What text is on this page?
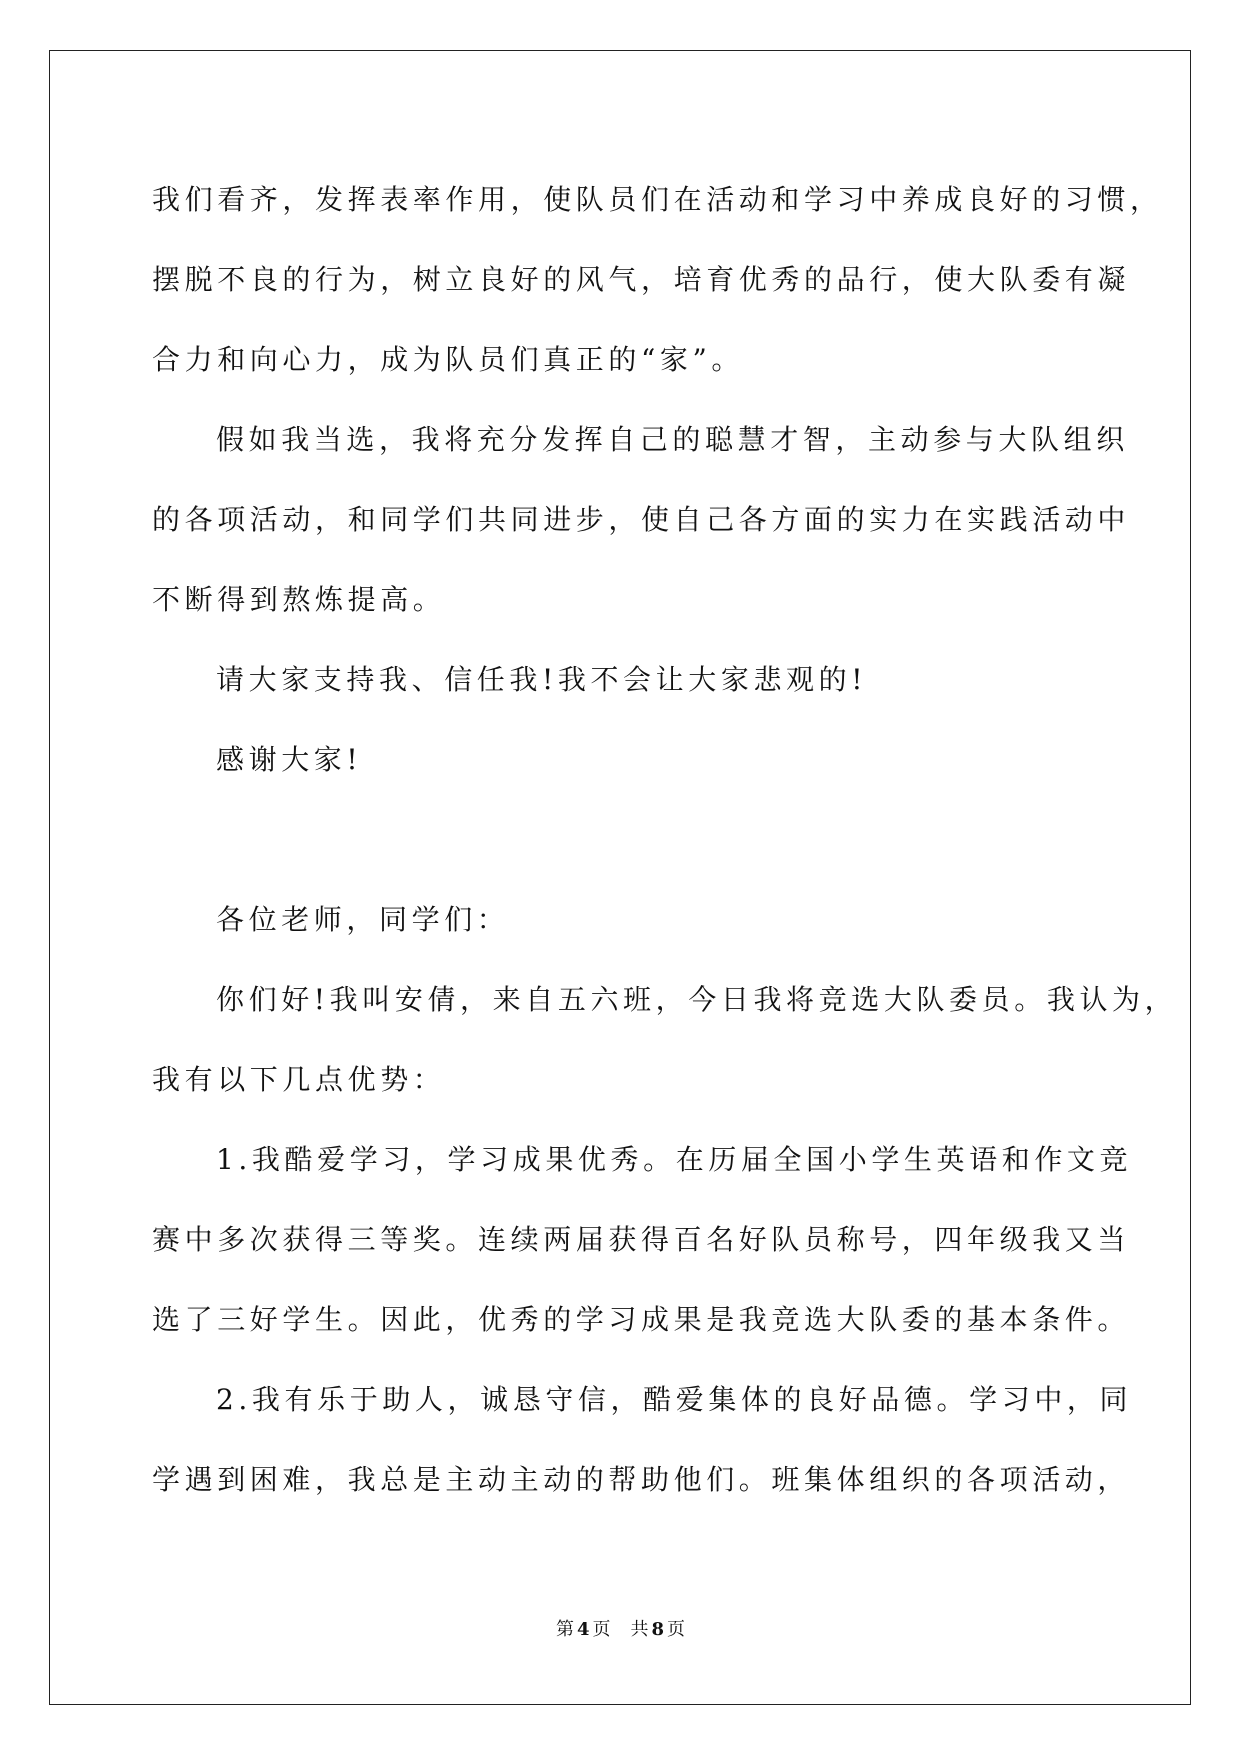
我们看齐，发挥表率作用，使队员们在活动和学习中养成良好的习惯，
摆脱不良的行为，树立良好的风气，培育优秀的品行，使大队委有凝
合力和向心力，成为队员们真正的“家”。
假如我当选，我将充分发挥自己的聪慧才智，主动参与大队组织
的各项活动，和同学们共同进步，使自己各方面的实力在实践活动中
不断得到熬炼提高。
请大家支持我、信任我!我不会让大家悲观的!
感谢大家!
各位老师，同学们：
你们好!我叫安倩，来自五六班，今日我将竞选大队委员。我认为，
我有以下几点优势：
1.我酷爱学习，学习成果优秀。在历届全国小学生英语和作文竞
赛中多次获得三等奖。连续两届获得百名好队员称号，四年级我又当
选了三好学生。因此，优秀的学习成果是我竞选大队委的基本条件。
2.我有乐于助人，诚恳守信，酷爱集体的良好品德。学习中，同
学遇到困难，我总是主动主动的帮助他们。班集体组织的各项活动，
第 4 页 共 8 页
